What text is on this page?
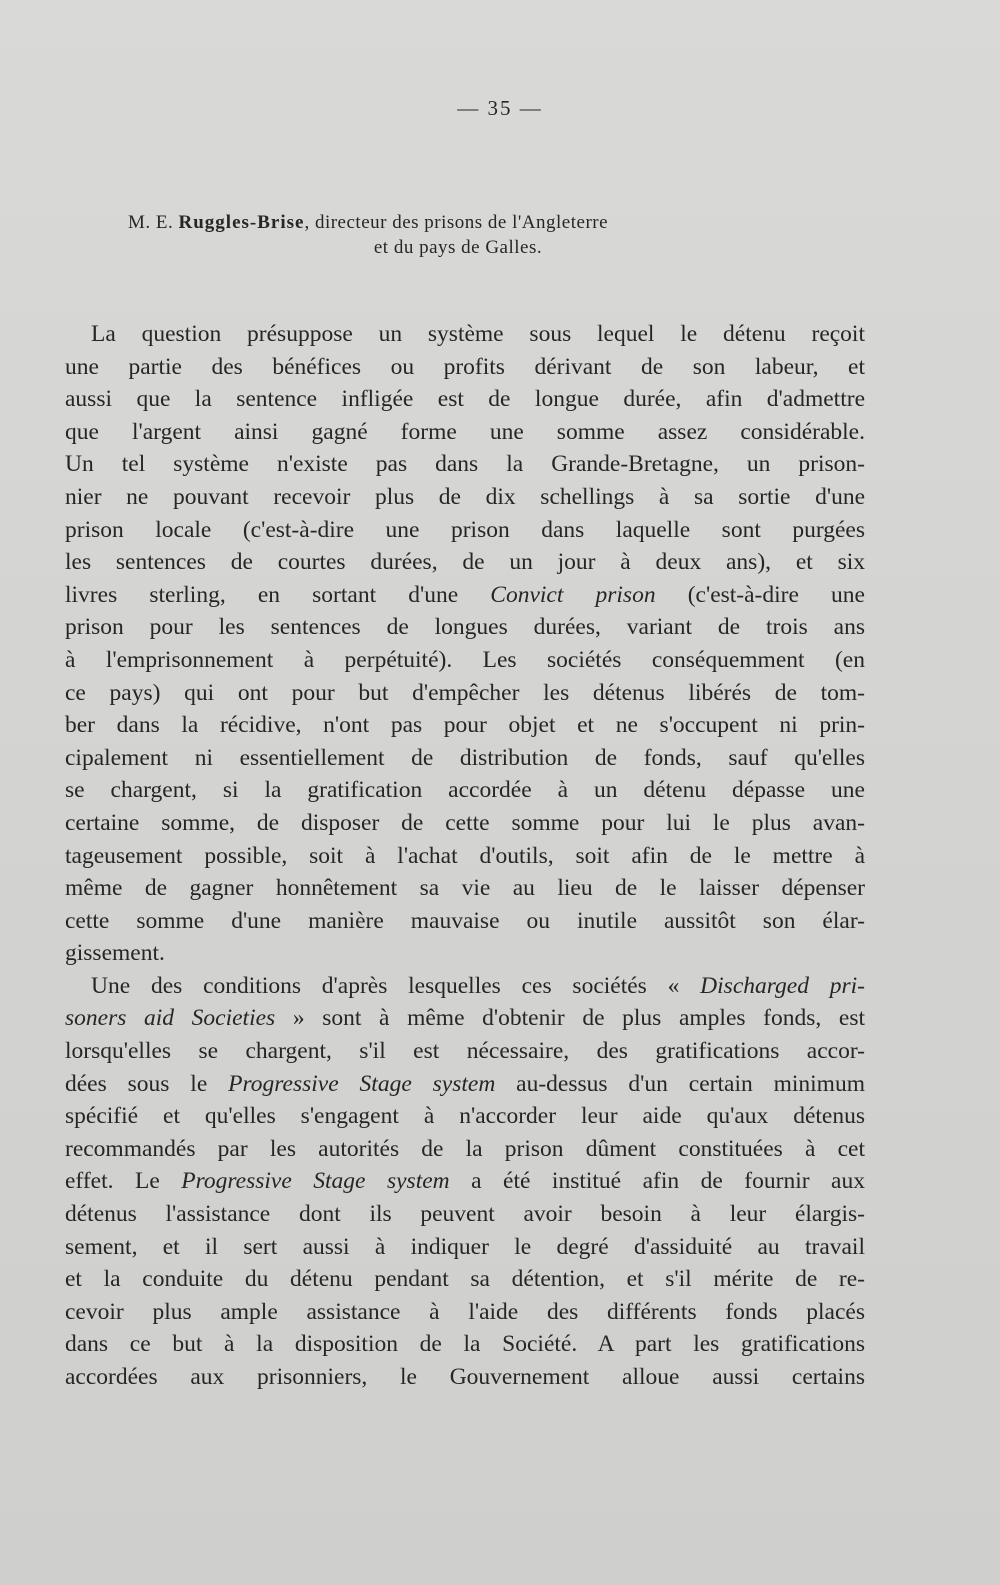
— 35 —
M. E. Ruggles-Brise, directeur des prisons de l'Angleterre
et du pays de Galles.
La question présuppose un système sous lequel le détenu reçoit
une partie des bénéfices ou profits dérivant de son labeur, et
aussi que la sentence infligée est de longue durée, afin d'admettre
que l'argent ainsi gagné forme une somme assez considérable.
Un tel système n'existe pas dans la Grande-Bretagne, un prison-
nier ne pouvant recevoir plus de dix schellings à sa sortie d'une
prison locale (c'est-à-dire une prison dans laquelle sont purgées
les sentences de courtes durées, de un jour à deux ans), et six
livres sterling, en sortant d'une Convict prison (c'est-à-dire une
prison pour les sentences de longues durées, variant de trois ans
à l'emprisonnement à perpétuité). Les sociétés conséquemment (en
ce pays) qui ont pour but d'empêcher les détenus libérés de tom-
ber dans la récidive, n'ont pas pour objet et ne s'occupent ni prin-
cipalement ni essentiellement de distribution de fonds, sauf qu'elles
se chargent, si la gratification accordée à un détenu dépasse une
certaine somme, de disposer de cette somme pour lui le plus avan-
tageusement possible, soit à l'achat d'outils, soit afin de le mettre à
même de gagner honnêtement sa vie au lieu de le laisser dépenser
cette somme d'une manière mauvaise ou inutile aussitôt son élar-
gissement.
Une des conditions d'après lesquelles ces sociétés « Discharged pri-
soners aid Societies » sont à même d'obtenir de plus amples fonds, est
lorsqu'elles se chargent, s'il est nécessaire, des gratifications accor-
dées sous le Progressive Stage system au-dessus d'un certain minimum
spécifié et qu'elles s'engagent à n'accorder leur aide qu'aux détenus
recommandés par les autorités de la prison dûment constituées à cet
effet. Le Progressive Stage system a été institué afin de fournir aux
détenus l'assistance dont ils peuvent avoir besoin à leur élargis-
sement, et il sert aussi à indiquer le degré d'assiduité au travail
et la conduite du détenu pendant sa détention, et s'il mérite de re-
cevoir plus ample assistance à l'aide des différents fonds placés
dans ce but à la disposition de la Société. A part les gratifications
accordées aux prisonniers, le Gouvernement alloue aussi certains
